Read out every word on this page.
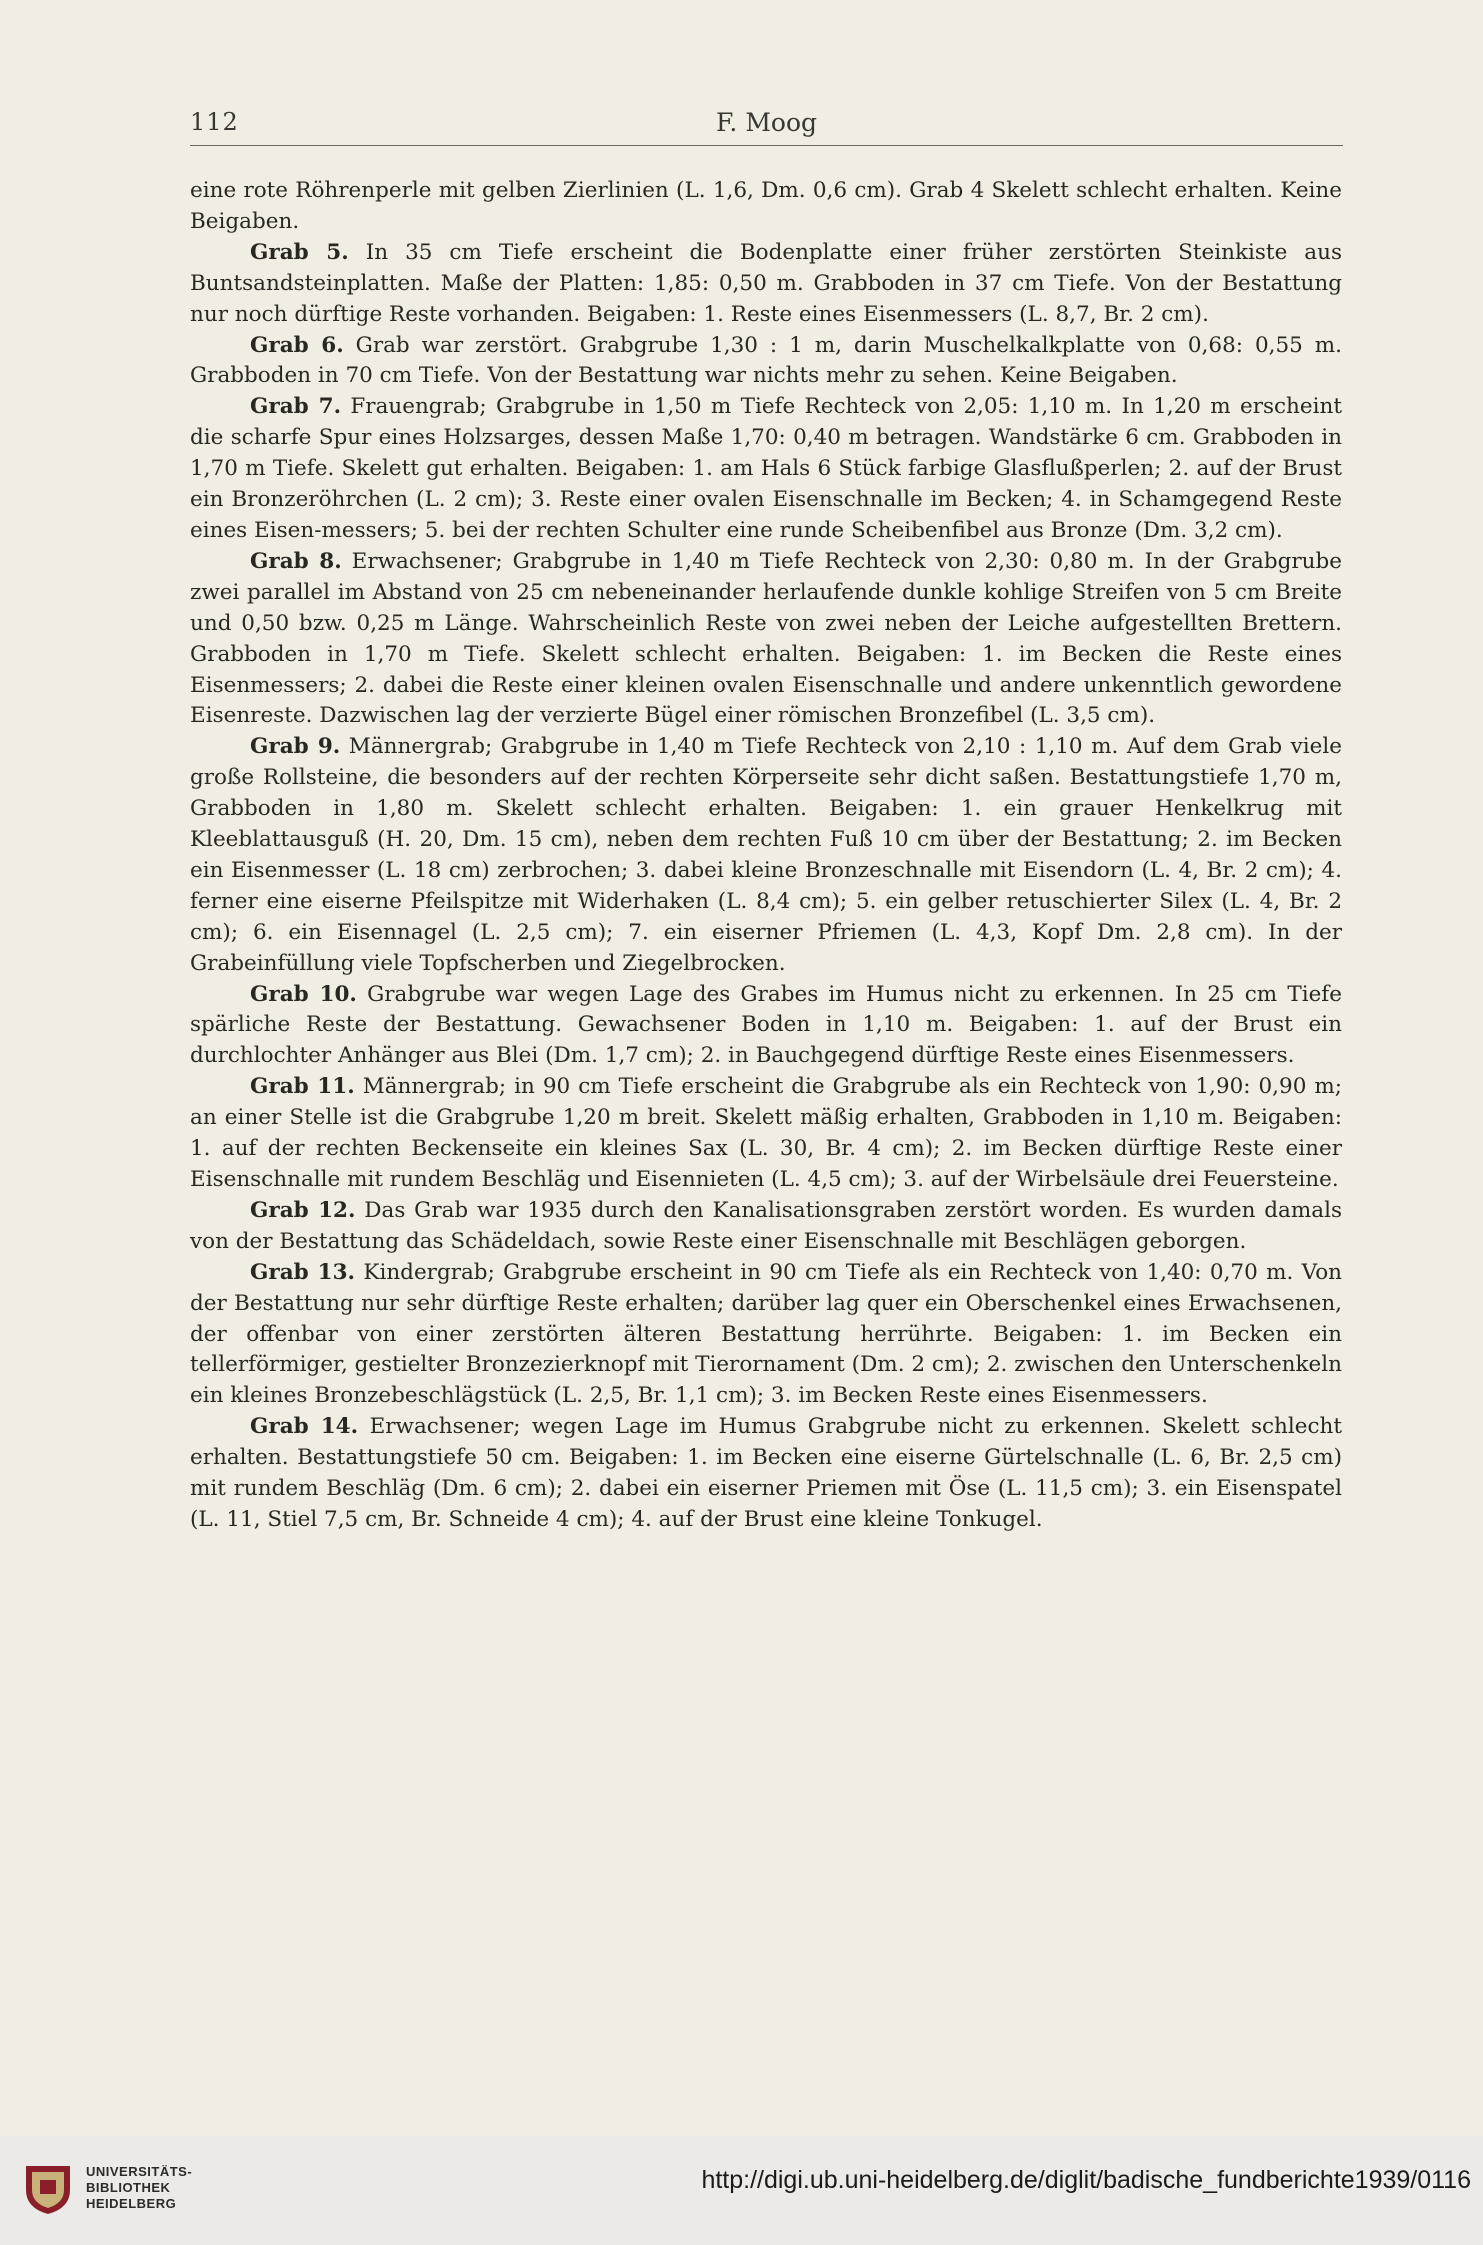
112	F. Moog

eine rote Röhrenperle mit gelben Zierlinien (L. 1,6, Dm. 0,6 cm). Grab 4 Skelett schlecht erhalten. Keine Beigaben.

Grab 5. In 35 cm Tiefe erscheint die Bodenplatte einer früher zerstörten Steinkiste aus Buntsandsteinplatten. Maße der Platten: 1,85: 0,50 m. Grabboden in 37 cm Tiefe. Von der Bestattung nur noch dürftige Reste vorhanden. Beigaben: 1. Reste eines Eisenmessers (L. 8,7, Br. 2 cm).

Grab 6. Grab war zerstört. Grabgrube 1,30 : 1 m, darin Muschelkalkplatte von 0,68: 0,55 m. Grabboden in 70 cm Tiefe. Von der Bestattung war nichts mehr zu sehen. Keine Beigaben.

Grab 7. Frauengrab; Grabgrube in 1,50 m Tiefe Rechteck von 2,05: 1,10 m. In 1,20 m erscheint die scharfe Spur eines Holzsarges, dessen Maße 1,70: 0,40 m betragen. Wandstärke 6 cm. Grabboden in 1,70 m Tiefe. Skelett gut erhalten. Beigaben: 1. am Hals 6 Stück farbige Glasflußperlen; 2. auf der Brust ein Bronzeröhrchen (L. 2 cm); 3. Reste einer ovalen Eisenschnalle im Becken; 4. in Schamgegend Reste eines Eisen-messers; 5. bei der rechten Schulter eine runde Scheibenfibel aus Bronze (Dm. 3,2 cm).

Grab 8. Erwachsener; Grabgrube in 1,40 m Tiefe Rechteck von 2,30: 0,80 m. In der Grabgrube zwei parallel im Abstand von 25 cm nebeneinander herlaufende dunkle kohlige Streifen von 5 cm Breite und 0,50 bzw. 0,25 m Länge. Wahrscheinlich Reste von zwei neben der Leiche aufgestellten Brettern. Grabboden in 1,70 m Tiefe. Skelett schlecht erhalten. Beigaben: 1. im Becken die Reste eines Eisenmessers; 2. dabei die Reste einer kleinen ovalen Eisenschnalle und andere unkenntlich gewordene Eisenreste. Dazwischen lag der verzierte Bügel einer römischen Bronzefibel (L. 3,5 cm).

Grab 9. Männergrab; Grabgrube in 1,40 m Tiefe Rechteck von 2,10 : 1,10 m. Auf dem Grab viele große Rollsteine, die besonders auf der rechten Körperseite sehr dicht saßen. Bestattungstiefe 1,70 m, Grabboden in 1,80 m. Skelett schlecht erhalten. Beigaben: 1. ein grauer Henkelkrug mit Kleeblattausguß (H. 20, Dm. 15 cm), neben dem rechten Fuß 10 cm über der Bestattung; 2. im Becken ein Eisenmesser (L. 18 cm) zerbrochen; 3. dabei kleine Bronzeschnalle mit Eisendorn (L. 4, Br. 2 cm); 4. ferner eine eiserne Pfeilspitze mit Widerhaken (L. 8,4 cm); 5. ein gelber retuschierter Silex (L. 4, Br. 2 cm); 6. ein Eisennagel (L. 2,5 cm); 7. ein eiserner Pfriemen (L. 4,3, Kopf Dm. 2,8 cm). In der Grabeinfüllung viele Topfscherben und Ziegelbrocken.

Grab 10. Grabgrube war wegen Lage des Grabes im Humus nicht zu erkennen. In 25 cm Tiefe spärliche Reste der Bestattung. Gewachsener Boden in 1,10 m. Beigaben: 1. auf der Brust ein durchlochter Anhänger aus Blei (Dm. 1,7 cm); 2. in Bauchgegend dürftige Reste eines Eisenmessers.

Grab 11. Männergrab; in 90 cm Tiefe erscheint die Grabgrube als ein Rechteck von 1,90: 0,90 m; an einer Stelle ist die Grabgrube 1,20 m breit. Skelett mäßig erhalten, Grabboden in 1,10 m. Beigaben: 1. auf der rechten Beckenseite ein kleines Sax (L. 30, Br. 4 cm); 2. im Becken dürftige Reste einer Eisenschnalle mit rundem Beschläg und Eisennieten (L. 4,5 cm); 3. auf der Wirbelsäule drei Feuersteine.

Grab 12. Das Grab war 1935 durch den Kanalisationsgraben zerstört worden. Es wurden damals von der Bestattung das Schädeldach, sowie Reste einer Eisenschnalle mit Beschlägen geborgen.

Grab 13. Kindergrab; Grabgrube erscheint in 90 cm Tiefe als ein Rechteck von 1,40: 0,70 m. Von der Bestattung nur sehr dürftige Reste erhalten; darüber lag quer ein Oberschenkel eines Erwachsenen, der offenbar von einer zerstörten älteren Bestattung herrührte. Beigaben: 1. im Becken ein tellerförmiger, gestielter Bronzezierknopf mit Tierornament (Dm. 2 cm); 2. zwischen den Unterschenkeln ein kleines Bronzebeschlägstück (L. 2,5, Br. 1,1 cm); 3. im Becken Reste eines Eisenmessers.

Grab 14. Erwachsener; wegen Lage im Humus Grabgrube nicht zu erkennen. Skelett schlecht erhalten. Bestattungstiefe 50 cm. Beigaben: 1. im Becken eine eiserne Gürtelschnalle (L. 6, Br. 2,5 cm) mit rundem Beschläg (Dm. 6 cm); 2. dabei ein eiserner Priemen mit Öse (L. 11,5 cm); 3. ein Eisenspatel (L. 11, Stiel 7,5 cm, Br. Schneide 4 cm); 4. auf der Brust eine kleine Tonkugel.

UNIVERSITÄTS-
BIBLIOTHEK
HEIDELBERG
http://digi.ub.uni-heidelberg.de/diglit/badische_fundberichte1939/0116
